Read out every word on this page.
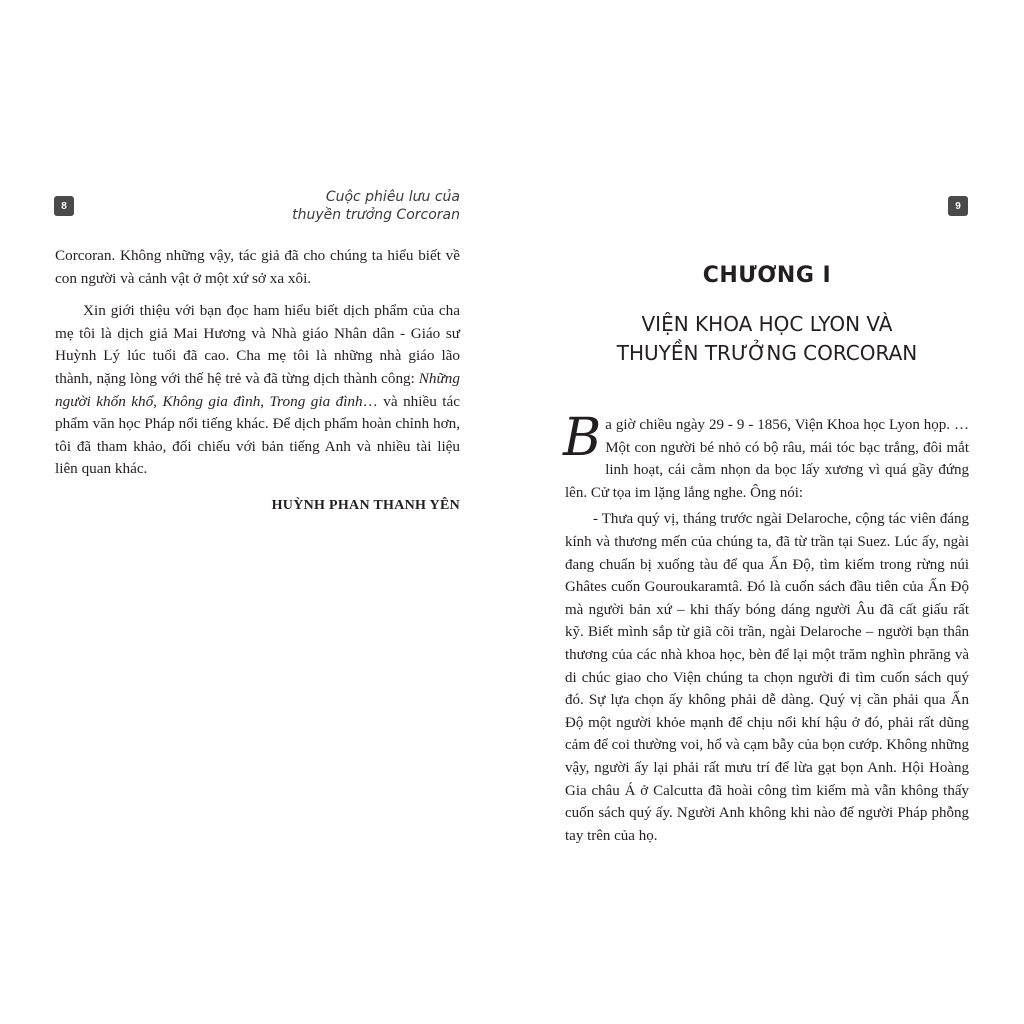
8
Cuộc phiêu lưu của
thuyền trưởng Corcoran

Corcoran. Không những vậy, tác giả đã cho chúng ta hiểu biết về con người và cảnh vật ở một xứ sở xa xôi.

Xin giới thiệu với bạn đọc ham hiểu biết dịch phẩm của cha mẹ tôi là dịch giả Mai Hương và Nhà giáo Nhân dân - Giáo sư Huỳnh Lý lúc tuổi đã cao. Cha mẹ tôi là những nhà giáo lão thành, nặng lòng với thế hệ trẻ và đã từng dịch thành công: Những người khốn khổ, Không gia đình, Trong gia đình… và nhiều tác phẩm văn học Pháp nổi tiếng khác. Để dịch phẩm hoàn chỉnh hơn, tôi đã tham khảo, đối chiếu với bản tiếng Anh và nhiều tài liệu liên quan khác.

HUỲNH PHAN THANH YÊN
9
CHƯƠNG I
VIỆN KHOA HỌC LYON VÀ
THUYỀN TRƯỞNG CORCORAN

Ba giờ chiều ngày 29 - 9 - 1856, Viện Khoa học Lyon họp. …Một con người bé nhỏ có bộ râu, mái tóc bạc trắng, đôi mắt linh hoạt, cái cằm nhọn da bọc lấy xương vì quá gầy đứng lên. Cử tọa im lặng lắng nghe. Ông nói:

- Thưa quý vị, tháng trước ngài Delaroche, cộng tác viên đáng kính và thương mến của chúng ta, đã từ trần tại Suez. Lúc ấy, ngài đang chuẩn bị xuống tàu để qua Ấn Độ, tìm kiếm trong rừng núi Ghâtes cuốn Gouroukaramtâ. Đó là cuốn sách đầu tiên của Ấn Độ mà người bản xứ – khi thấy bóng dáng người Âu đã cất giấu rất kỹ. Biết mình sắp từ giã cõi trần, ngài Delaroche – người bạn thân thương của các nhà khoa học, bèn để lại một trăm nghìn phrăng và di chúc giao cho Viện chúng ta chọn người đi tìm cuốn sách quý đó. Sự lựa chọn ấy không phải dễ dàng. Quý vị cần phải qua Ấn Độ một người khỏe mạnh để chịu nổi khí hậu ở đó, phải rất dũng cảm để coi thường voi, hổ và cạm bẫy của bọn cướp. Không những vậy, người ấy lại phải rất mưu trí để lừa gạt bọn Anh. Hội Hoàng Gia châu Á ở Calcutta đã hoài công tìm kiếm mà vẫn không thấy cuốn sách quý ấy. Người Anh không khi nào để người Pháp phỗng tay trên của họ.
